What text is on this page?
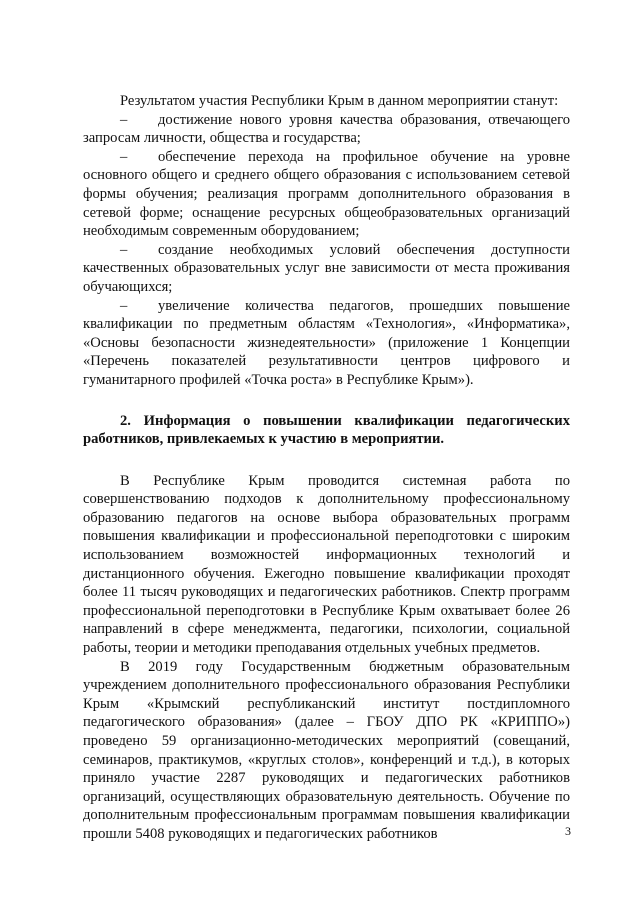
Результатом участия Республики Крым в данном мероприятии станут:

– достижение нового уровня качества образования, отвечающего запросам личности, общества и государства;
– обеспечение перехода на профильное обучение на уровне основного общего и среднего общего образования с использованием сетевой формы обучения; реализация программ дополнительного образования в сетевой форме; оснащение ресурсных общеобразовательных организаций необходимым современным оборудованием;
– создание необходимых условий обеспечения доступности качественных образовательных услуг вне зависимости от места проживания обучающихся;
– увеличение количества педагогов, прошедших повышение квалификации по предметным областям «Технология», «Информатика», «Основы безопасности жизнедеятельности» (приложение 1 Концепции «Перечень показателей результативности центров цифрового и гуманитарного профилей «Точка роста» в Республике Крым»).

2. Информация о повышении квалификации педагогических работников, привлекаемых к участию в мероприятии.

В Республике Крым проводится системная работа по совершенствованию подходов к дополнительному профессиональному образованию педагогов на основе выбора образовательных программ повышения квалификации и профессиональной переподготовки с широким использованием возможностей информационных технологий и дистанционного обучения. Ежегодно повышение квалификации проходят более 11 тысяч руководящих и педагогических работников. Спектр программ профессиональной переподготовки в Республике Крым охватывает более 26 направлений в сфере менеджмента, педагогики, психологии, социальной работы, теории и методики преподавания отдельных учебных предметов.

В 2019 году Государственным бюджетным образовательным учреждением дополнительного профессионального образования Республики Крым «Крымский республиканский институт постдипломного педагогического образования» (далее – ГБОУ ДПО РК «КРИППО») проведено 59 организационно-методических мероприятий (совещаний, семинаров, практикумов, «круглых столов», конференций и т.д.), в которых приняло участие 2287 руководящих и педагогических работников организаций, осуществляющих образовательную деятельность. Обучение по дополнительным профессиональным программам повышения квалификации прошли 5408 руководящих и педагогических работников	3
